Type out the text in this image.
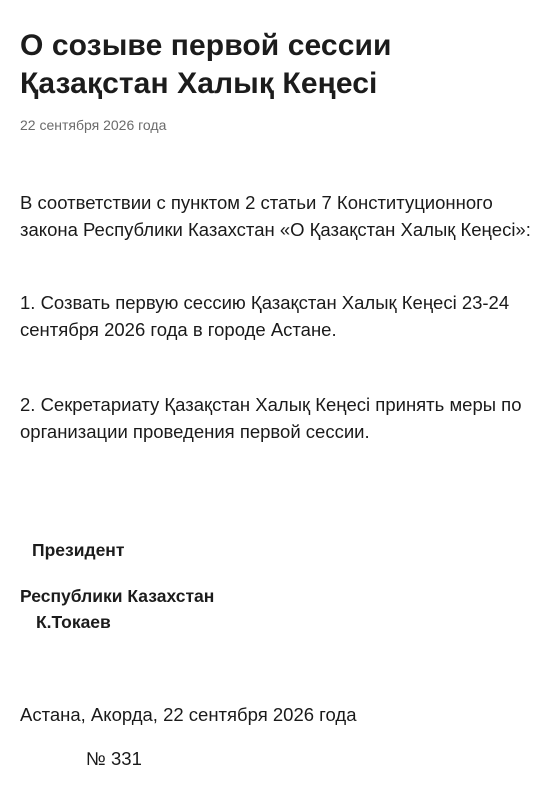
О созыве первой сессии Қазақстан Халық Кеңесі
22 сентября 2026 года

В соответствии с пунктом 2 статьи 7 Конституционного закона Республики Казахстан «О Қазақстан Халық Кеңесі»:

1. Созвать первую сессию Қазақстан Халық Кеңесі 23-24 сентября 2026 года в городе Астане.

2. Секретариату Қазақстан Халық Кеңесі принять меры по организации проведения первой сессии.

Президент
Республики Казахстан
К.Токаев
Астана, Акорда, 22 сентября 2026 года
№ 331
